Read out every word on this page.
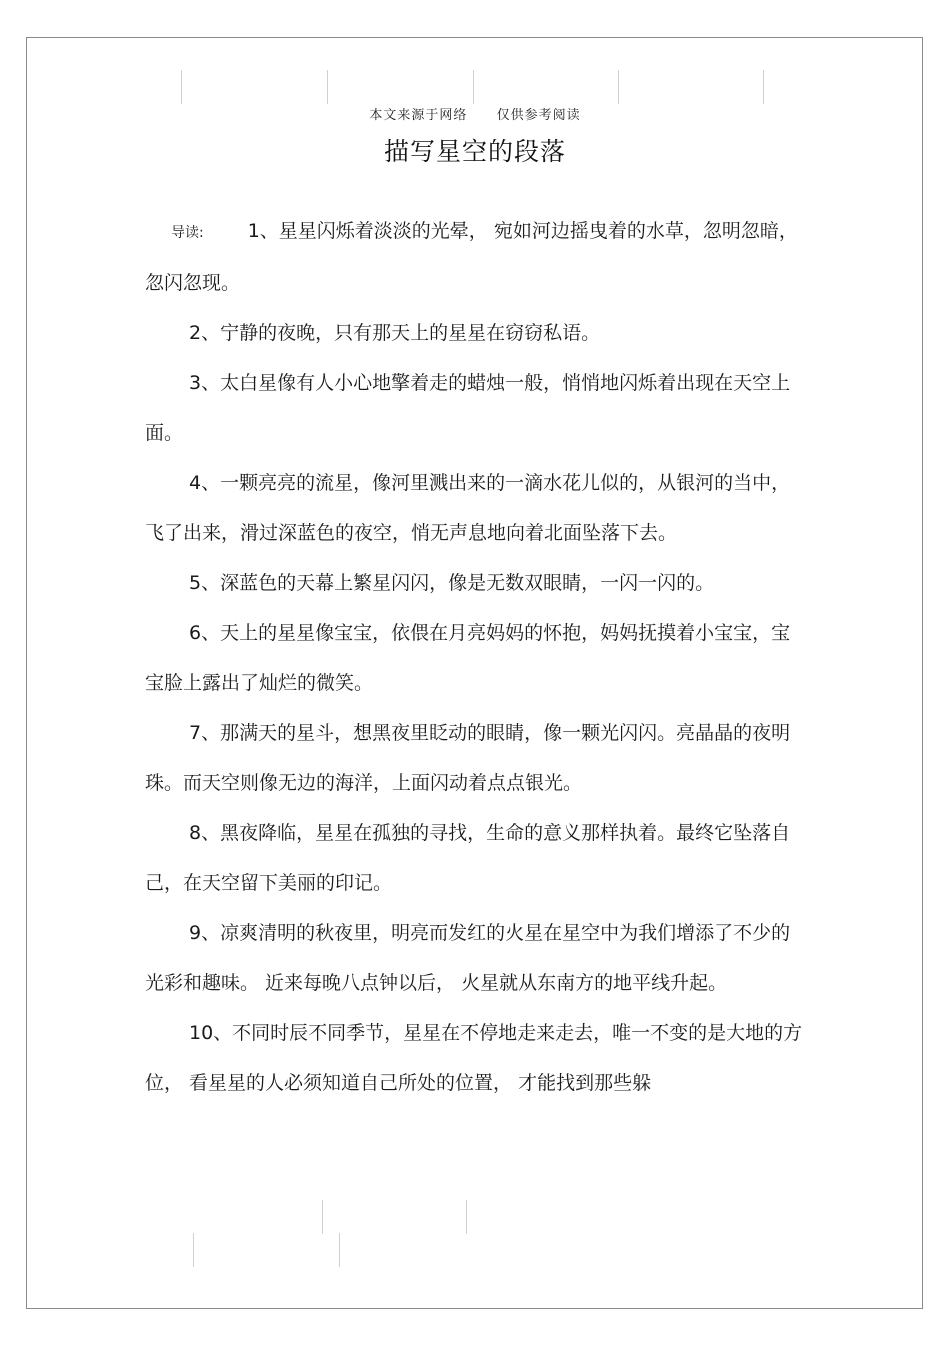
本文来源于网络 仅供参考阅读
描写星空的段落

导读: 1、星星闪烁着淡淡的光晕， 宛如河边摇曳着的水草，忽明忽暗，忽闪忽现。

2、宁静的夜晚，只有那天上的星星在窃窃私语。

3、太白星像有人小心地擎着走的蜡烛一般，悄悄地闪烁着出现在天空上面。

4、一颗亮亮的流星，像河里溅出来的一滴水花儿似的，从银河的当中，飞了出来，滑过深蓝色的夜空，悄无声息地向着北面坠落下去。

5、深蓝色的天幕上繁星闪闪，像是无数双眼睛，一闪一闪的。

6、天上的星星像宝宝，依偎在月亮妈妈的怀抱，妈妈抚摸着小宝宝，宝宝脸上露出了灿烂的微笑。

7、那满天的星斗，想黑夜里眨动的眼睛，像一颗光闪闪。亮晶晶的夜明珠。而天空则像无边的海洋，上面闪动着点点银光。

8、黑夜降临，星星在孤独的寻找，生命的意义那样执着。最终它坠落自己，在天空留下美丽的印记。

9、凉爽清明的秋夜里，明亮而发红的火星在星空中为我们增添了不少的光彩和趣味。 近来每晚八点钟以后， 火星就从东南方的地平线升起。

10、不同时辰不同季节，星星在不停地走来走去，唯一不变的是大地的方位， 看星星的人必须知道自己所处的位置， 才能找到那些躲
